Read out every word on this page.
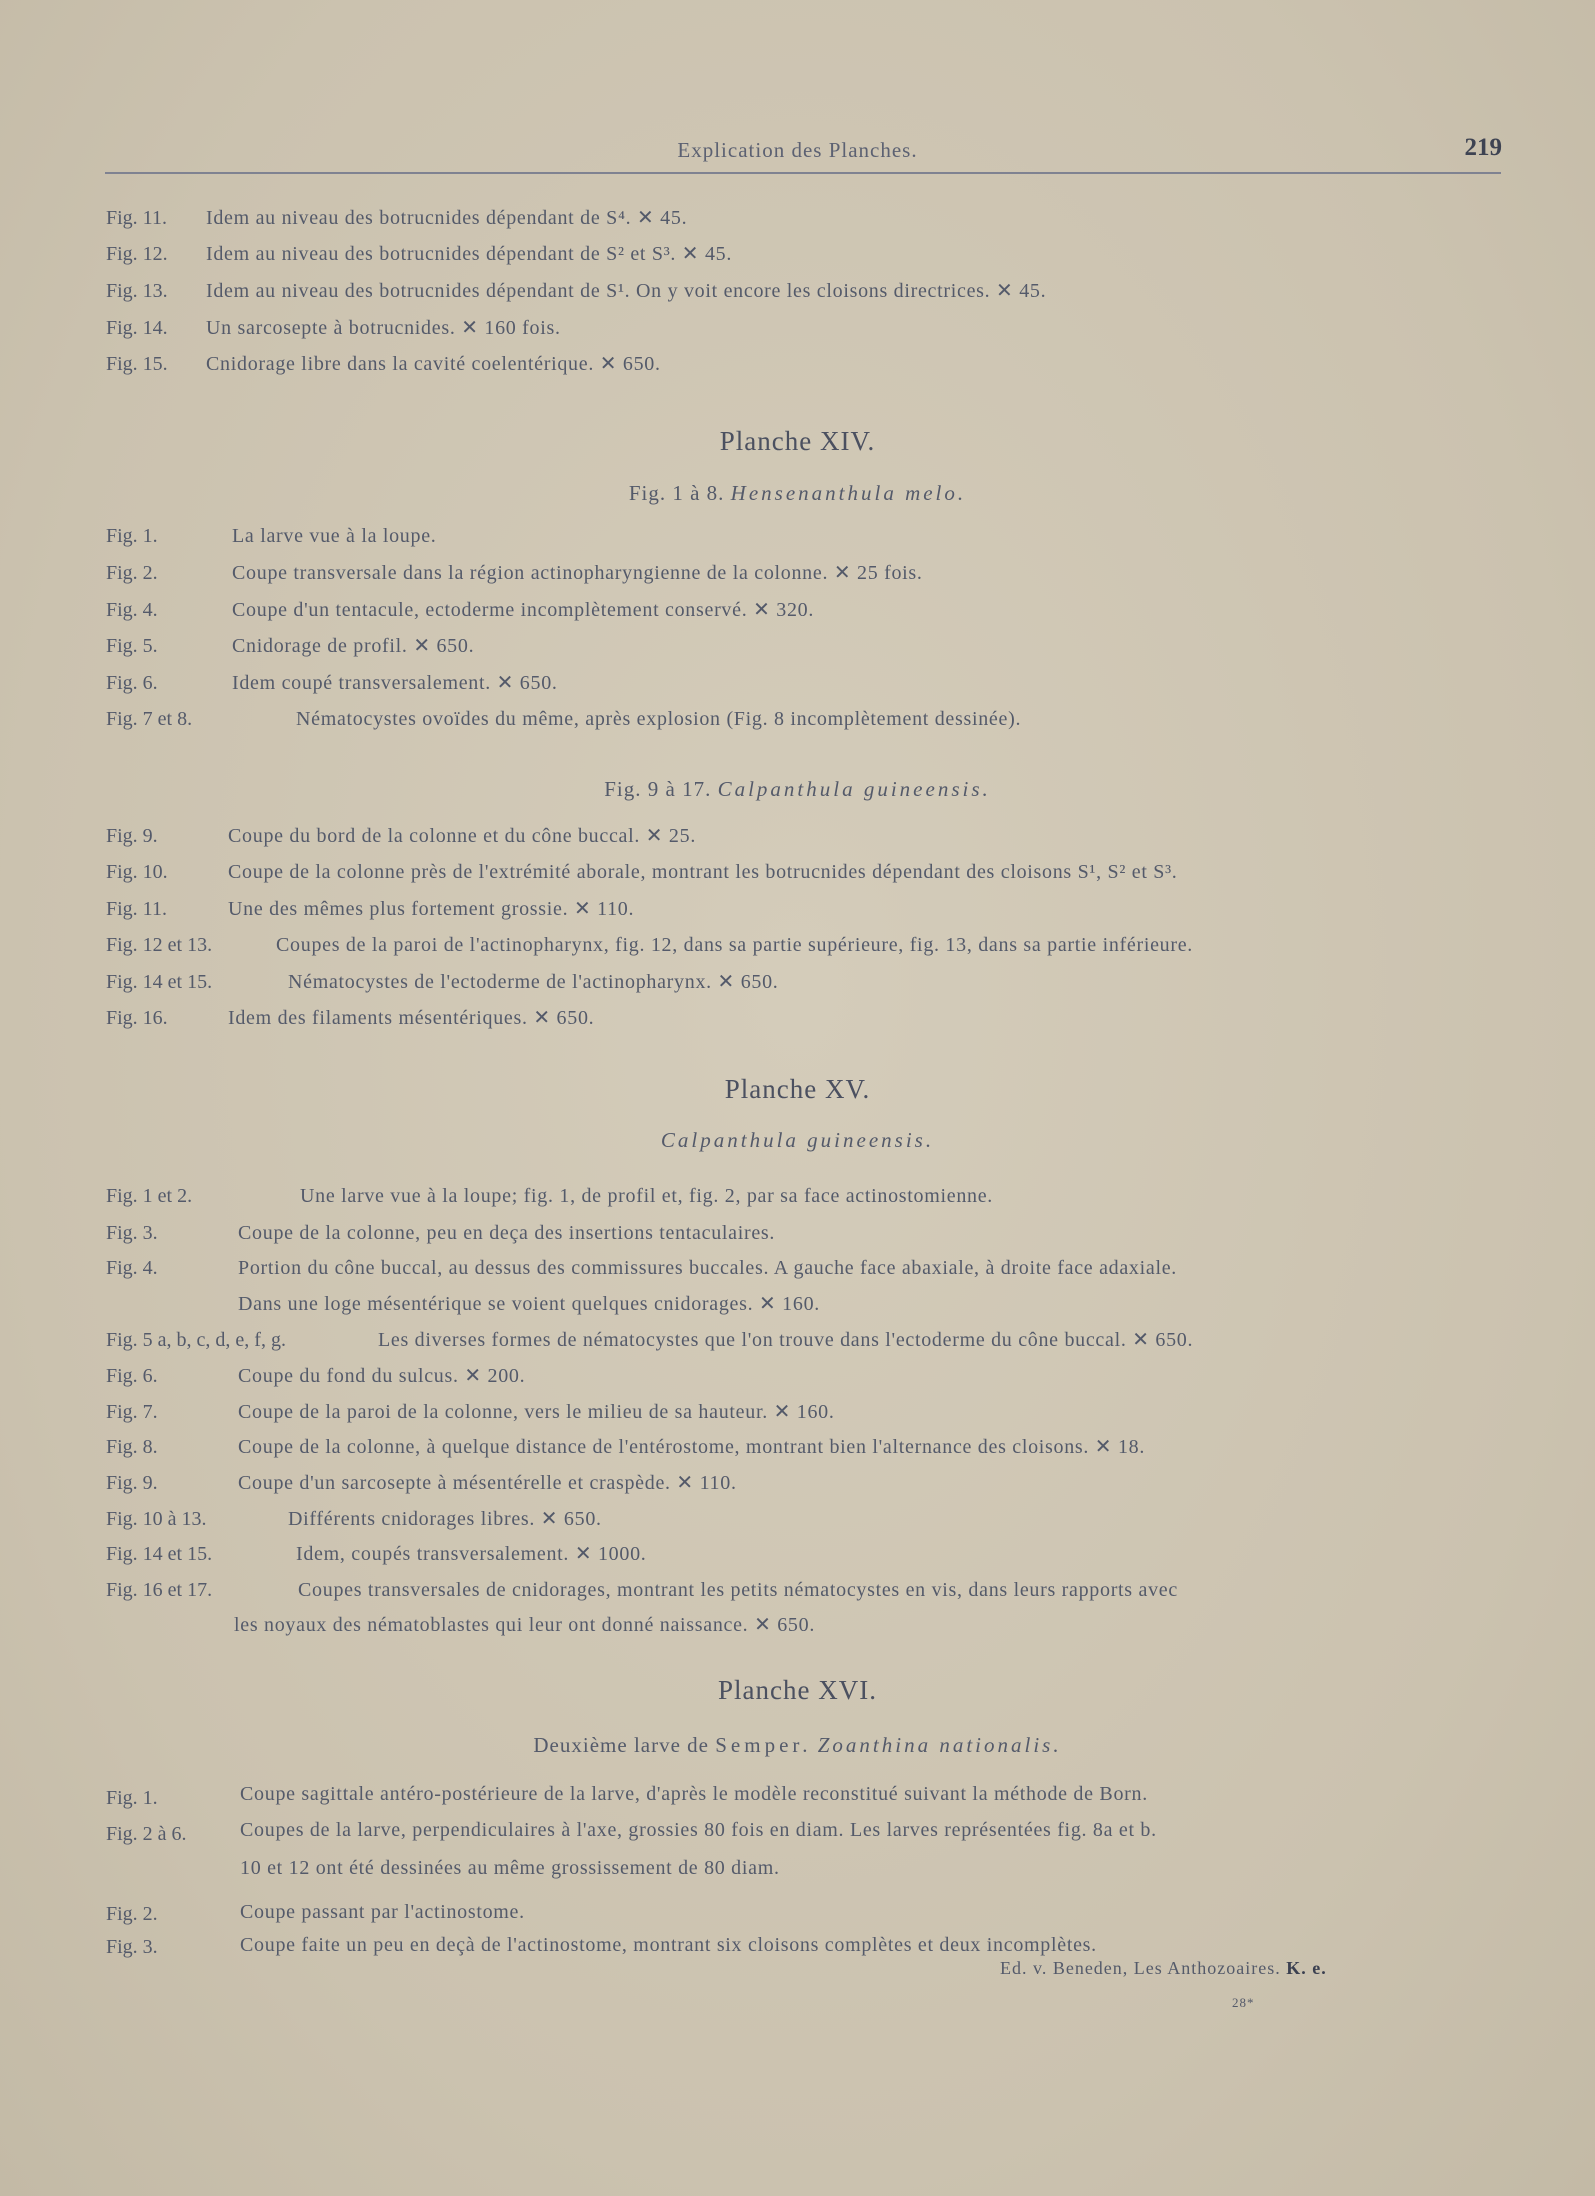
Explication des Planches.	219
Fig. 11. Idem au niveau des botrucnides dépendant de S⁴. ✕ 45.
Fig. 12. Idem au niveau des botrucnides dépendant de S² et S³. ✕ 45.
Fig. 13. Idem au niveau des botrucnides dépendant de S¹. On y voit encore les cloisons directrices. ✕ 45.
Fig. 14. Un sarcosepte à botrucnides. ✕ 160 fois.
Fig. 15. Cnidorage libre dans la cavité coelentérique. ✕ 650.
Planche XIV.
Fig. 1 à 8. Hensenanthula melo.
Fig. 1.	La larve vue à la loupe.
Fig. 2.	Coupe transversale dans la région actinopharyngienne de la colonne. ✕ 25 fois.
Fig. 4.	Coupe d'un tentacule, ectoderme incomplètement conservé. ✕ 320.
Fig. 5.	Cnidorage de profil. ✕ 650.
Fig. 6.	Idem coupé transversalement. ✕ 650.
Fig. 7 et 8.	Nématocystes ovoïdes du même, après explosion (Fig. 8 incomplètement dessinée).
Fig. 9 à 17. Calpanthula guineensis.
Fig. 9.	Coupe du bord de la colonne et du cône buccal. ✕ 25.
Fig. 10.	Coupe de la colonne près de l'extrémité aborale, montrant les botrucnides dépendant des cloisons S¹, S² et S³.
Fig. 11.	Une des mêmes plus fortement grossie. ✕ 110.
Fig. 12 et 13.	Coupes de la paroi de l'actinopharynx, fig. 12, dans sa partie supérieure, fig. 13, dans sa partie inférieure.
Fig. 14 et 15.	Nématocystes de l'ectoderme de l'actinopharynx. ✕ 650.
Fig. 16.	Idem des filaments mésentériques. ✕ 650.
Planche XV.
Calpanthula guineensis.
Fig. 1 et 2.	Une larve vue à la loupe; fig. 1, de profil et, fig. 2, par sa face actinostomienne.
Fig. 3.	Coupe de la colonne, peu en deça des insertions tentaculaires.
Fig. 4.	Portion du cône buccal, au dessus des commissures buccales. A gauche face abaxiale, à droite face adaxiale.
Dans une loge mésentérique se voient quelques cnidorages. ✕ 160.
Fig. 5 a, b, c, d, e, f, g.	Les diverses formes de nématocystes que l'on trouve dans l'ectoderme du cône buccal. ✕ 650.
Fig. 6.	Coupe du fond du sulcus. ✕ 200.
Fig. 7.	Coupe de la paroi de la colonne, vers le milieu de sa hauteur. ✕ 160.
Fig. 8.	Coupe de la colonne, à quelque distance de l'entérostome, montrant bien l'alternance des cloisons. ✕ 18.
Fig. 9.	Coupe d'un sarcosepte à mésentérelle et craspède. ✕ 110.
Fig. 10 à 13.	Différents cnidorages libres. ✕ 650.
Fig. 14 et 15.	Idem, coupés transversalement. ✕ 1000.
Fig. 16 et 17.	Coupes transversales de cnidorages, montrant les petits nématocystes en vis, dans leurs rapports avec
les noyaux des nématoblastes qui leur ont donné naissance. ✕ 650.
Planche XVI.
Deuxième larve de Semper. Zoanthina nationalis.
Fig. 1.	Coupe sagittale antéro-postérieure de la larve, d'après le modèle reconstitué suivant la méthode de Born.
Fig. 2 à 6.	Coupes de la larve, perpendiculaires à l'axe, grossies 80 fois en diam. Les larves représentées fig. 8a et b.
10 et 12 ont été dessinées au même grossissement de 80 diam.
Fig. 2.	Coupe passant par l'actinostome.
Fig. 3.	Coupe faite un peu en deçà de l'actinostome, montrant six cloisons complètes et deux incomplètes.
Ed. v. Beneden, Les Anthozoaires. K. e.
28*
